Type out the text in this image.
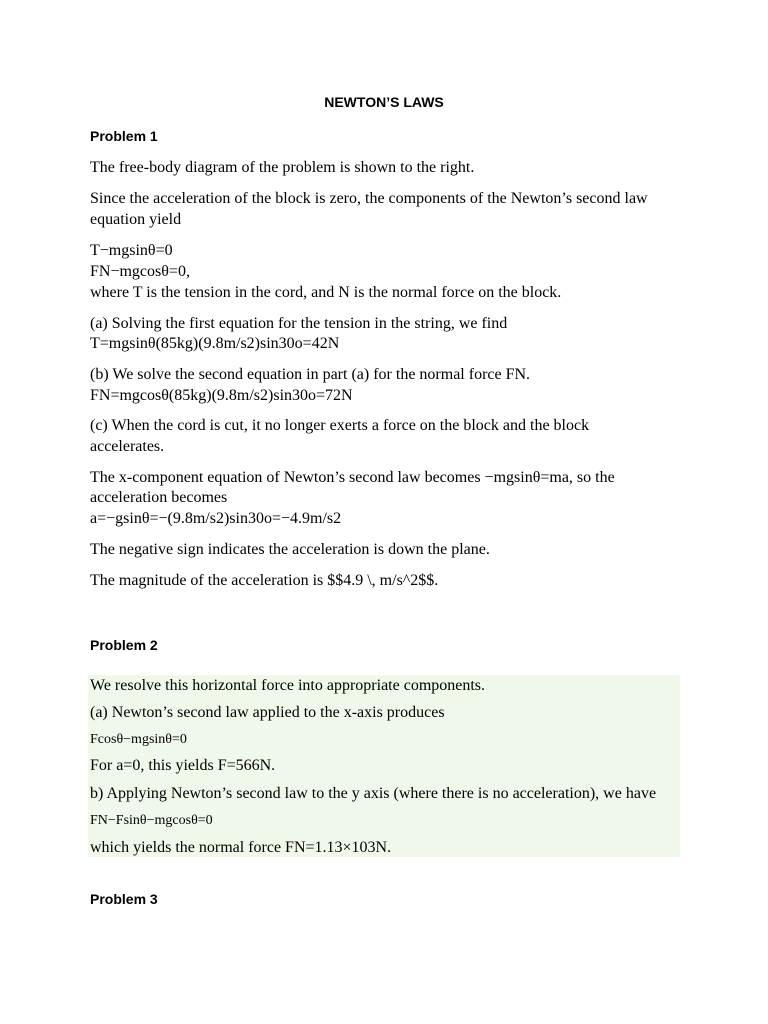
NEWTON’S LAWS
Problem 1
The free-body diagram of the problem is shown to the right.
Since the acceleration of the block is zero, the components of the Newton’s second law
equation yield
T−mgsinθ=0
FN−mgcosθ=0,
where T is the tension in the cord, and N is the normal force on the block.
(a) Solving the first equation for the tension in the string, we find
T=mgsinθ(85kg)(9.8m/s2)sin30o=42N
(b) We solve the second equation in part (a) for the normal force FN.
FN=mgcosθ(85kg)(9.8m/s2)sin30o=72N
(c) When the cord is cut, it no longer exerts a force on the block and the block
accelerates.
The x-component equation of Newton’s second law becomes −mgsinθ=ma, so the
acceleration becomes
a=−gsinθ=−(9.8m/s2)sin30o=−4.9m/s2
The negative sign indicates the acceleration is down the plane.
The magnitude of the acceleration is $$4.9 \, m/s^2$$.
Problem 2
We resolve this horizontal force into appropriate components.
(a) Newton’s second law applied to the x-axis produces
Fcosθ−mgsinθ=0
For a=0, this yields F=566N.
b) Applying Newton’s second law to the y axis (where there is no acceleration), we have
FN−Fsinθ−mgcosθ=0
which yields the normal force FN=1.13×103N.
Problem 3
